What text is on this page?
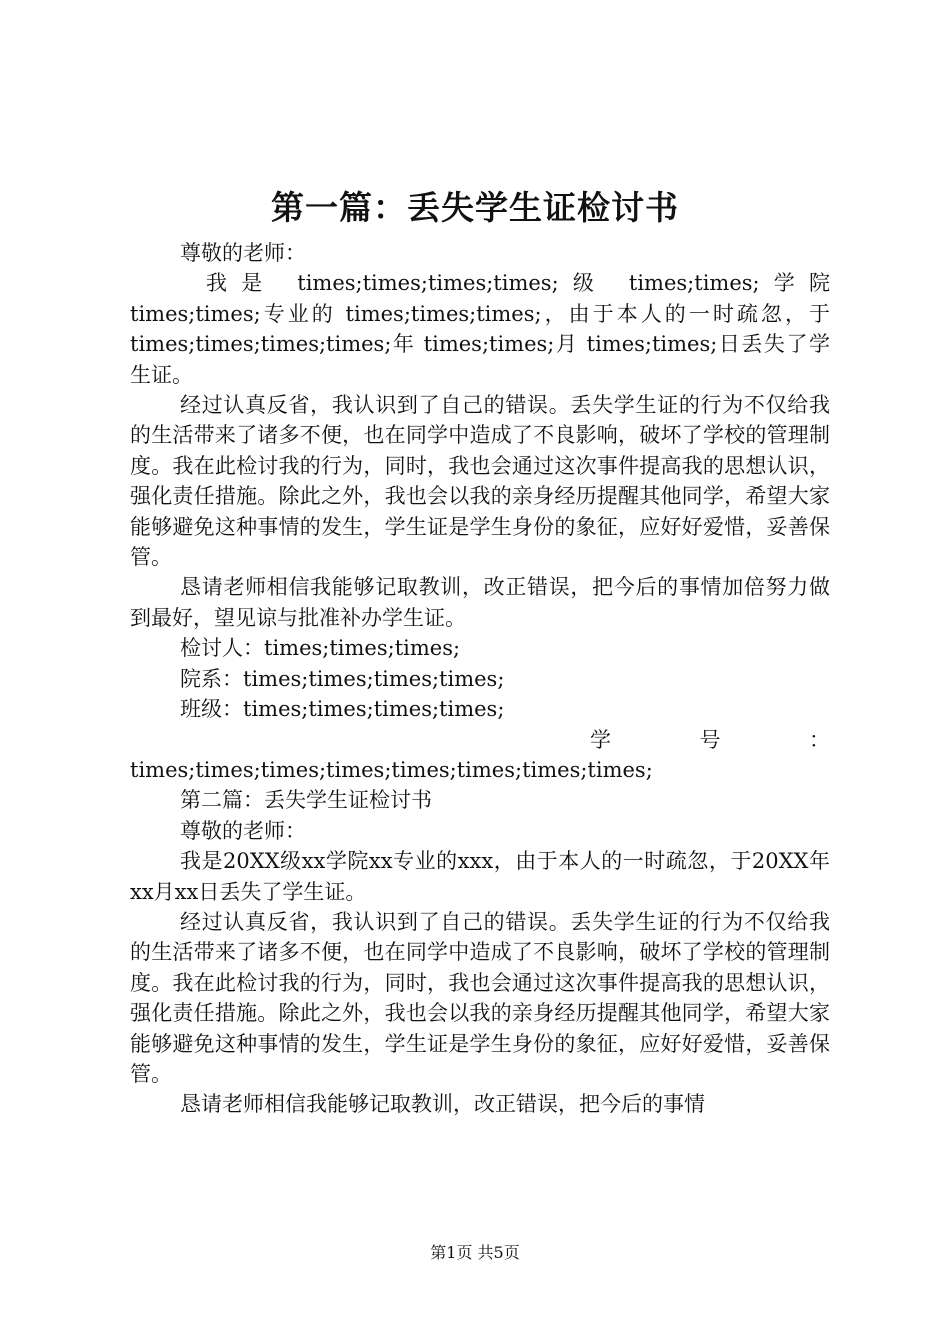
第一篇：丢失学生证检讨书

尊敬的老师：

我是 times;times;times;times;级 times;times;学院 times;times;专业的 times;times;times;，由于本人的一时疏忽，于 times;times;times;times;年 times;times;月 times;times;日丢失了学生证。

经过认真反省，我认识到了自己的错误。丢失学生证的行为不仅给我的生活带来了诸多不便，也在同学中造成了不良影响，破坏了学校的管理制度。我在此检讨我的行为，同时，我也会通过这次事件提高我的思想认识，强化责任措施。除此之外，我也会以我的亲身经历提醒其他同学，希望大家能够避免这种事情的发生，学生证是学生身份的象征，应好好爱惜，妥善保管。

恳请老师相信我能够记取教训，改正错误，把今后的事情加倍努力做到最好，望见谅与批准补办学生证。

检讨人：times;times;times;

院系：times;times;times;times;

班级：times;times;times;times;

学 号 ：

times;times;times;times;times;times;times;times;

第二篇：丢失学生证检讨书

尊敬的老师：

我是20XX级xx学院xx专业的xxx，由于本人的一时疏忽，于20XX年xx月xx日丢失了学生证。

经过认真反省，我认识到了自己的错误。丢失学生证的行为不仅给我的生活带来了诸多不便，也在同学中造成了不良影响，破坏了学校的管理制度。我在此检讨我的行为，同时，我也会通过这次事件提高我的思想认识，强化责任措施。除此之外，我也会以我的亲身经历提醒其他同学，希望大家能够避免这种事情的发生，学生证是学生身份的象征，应好好爱惜，妥善保管。

恳请老师相信我能够记取教训，改正错误，把今后的事情

第1页 共5页
